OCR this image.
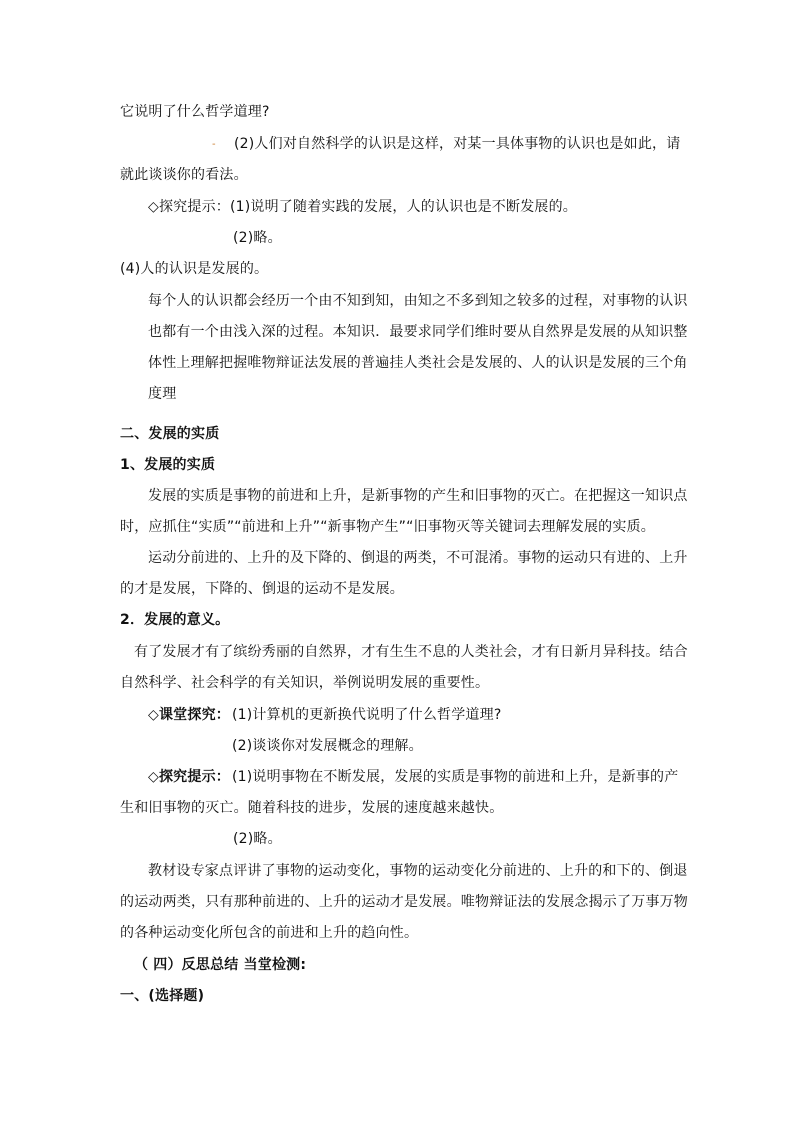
它说明了什么哲学道理?
- (2)人们对自然科学的认识是这样，对某一具体事物的认识也是如此，请
就此谈谈你的看法。
◇探究提示：(1)说明了随着实践的发展，人的认识也是不断发展的。
(2)略。
(4)人的认识是发展的。
每个人的认识都会经历一个由不知到知，由知之不多到知之较多的过程，对事物的认识
也都有一个由浅入深的过程。本知识．最要求同学们维时要从自然界是发展的从知识整
体性上理解把握唯物辩证法发展的普遍挂人类社会是发展的、人的认识是发展的三个角
度理
二、发展的实质
1、发展的实质
发展的实质是事物的前进和上升，是新事物的产生和旧事物的灭亡。在把握这一知识点
时，应抓住“实质”“前进和上升”“新事物产生”“旧事物灭等关键词去理解发展的实质。
运动分前进的、上升的及下降的、倒退的两类，不可混淆。事物的运动只有进的、上升
的才是发展，下降的、倒退的运动不是发展。
2．发展的意义。
有了发展才有了缤纷秀丽的自然界，才有生生不息的人类社会，才有日新月异科技。结合
自然科学、社会科学的有关知识，举例说明发展的重要性。
◇课堂探究： (1)计算机的更新换代说明了什么哲学道理?
(2)谈谈你对发展概念的理解。
◇探究提示： (1)说明事物在不断发展，发展的实质是事物的前进和上升，是新事的产
生和旧事物的灭亡。随着科技的进步，发展的速度越来越快。
(2)略。
教材设专家点评讲了事物的运动变化，事物的运动变化分前进的、上升的和下的、倒退
的运动两类，只有那种前进的、上升的运动才是发展。唯物辩证法的发展念揭示了万事万物
的各种运动变化所包含的前进和上升的趋向性。
（ 四）反思总结 当堂检测:
一、(选择题)
